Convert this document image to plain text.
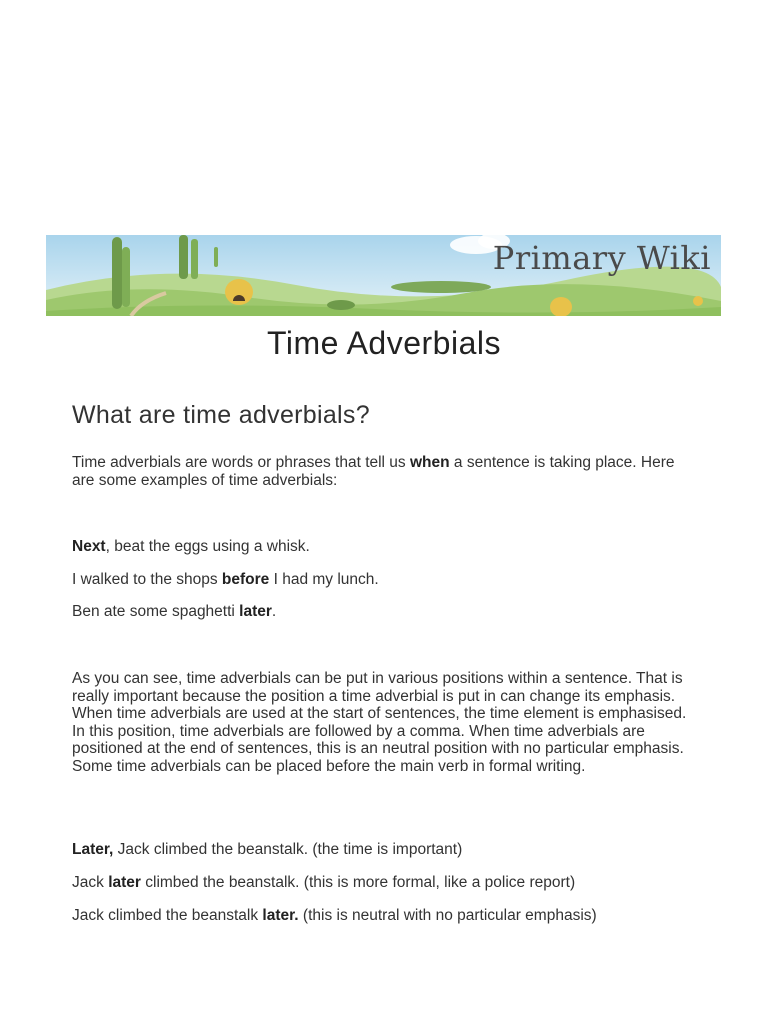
Primary Wiki
Time Adverbials
What are time adverbials?

Time adverbials are words or phrases that tell us when a sentence is taking place. Here are some examples of time adverbials:

Next, beat the eggs using a whisk.

I walked to the shops before I had my lunch.

Ben ate some spaghetti later.

As you can see, time adverbials can be put in various positions within a sentence. That is really important because the position a time adverbial is put in can change its emphasis. When time adverbials are used at the start of sentences, the time element is emphasised. In this position, time adverbials are followed by a comma. When time adverbials are positioned at the end of sentences, this is an neutral position with no particular emphasis. Some time adverbials can be placed before the main verb in formal writing.

Later, Jack climbed the beanstalk. (the time is important)

Jack later climbed the beanstalk. (this is more formal, like a police report)

Jack climbed the beanstalk later. (this is neutral with no particular emphasis)
